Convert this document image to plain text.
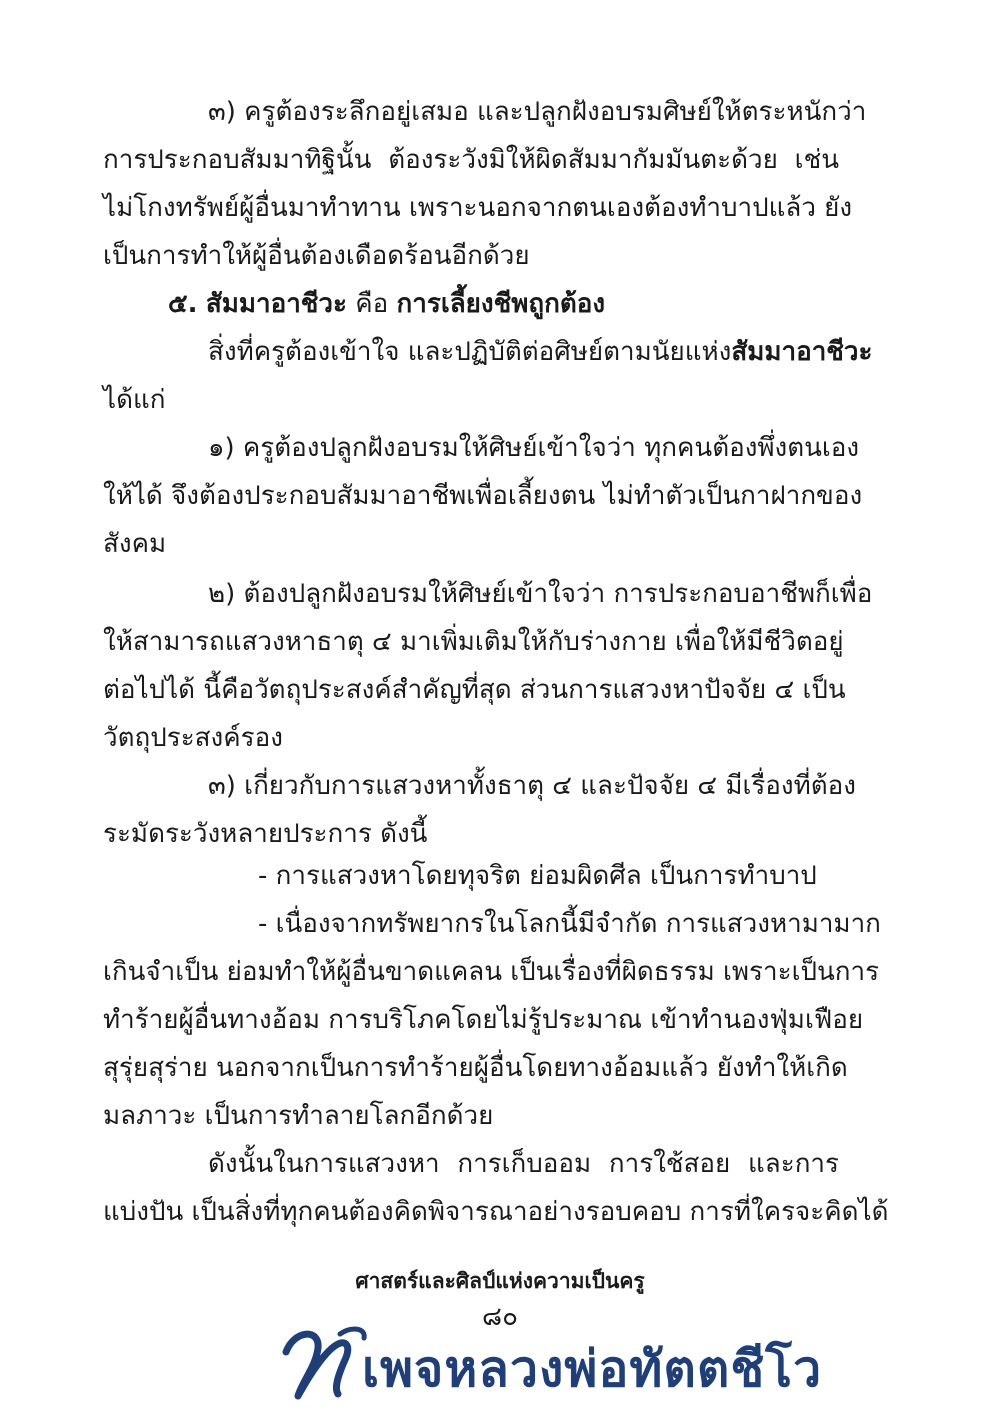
๓) ครูต้องระลึกอยู่เสมอ และปลูกฝังอบรมศิษย์ให้ตระหนักว่า
การประกอบสัมมาทิฐินั้น ต้องระวังมิให้ผิดสัมมากัมมันตะด้วย เช่น
ไม่โกงทรัพย์ผู้อื่นมาทำทาน เพราะนอกจากตนเองต้องทำบาปแล้ว ยัง
เป็นการทำให้ผู้อื่นต้องเดือดร้อนอีกด้วย
๕. สัมมาอาชีวะ คือ การเลี้ยงชีพถูกต้อง
สิ่งที่ครูต้องเข้าใจ และปฏิบัติต่อศิษย์ตามนัยแห่งสัมมาอาชีวะ
ได้แก่
๑) ครูต้องปลูกฝังอบรมให้ศิษย์เข้าใจว่า ทุกคนต้องพึ่งตนเอง
ให้ได้ จึงต้องประกอบสัมมาอาชีพเพื่อเลี้ยงตน ไม่ทำตัวเป็นกาฝากของ
สังคม
๒) ต้องปลูกฝังอบรมให้ศิษย์เข้าใจว่า การประกอบอาชีพก็เพื่อ
ให้สามารถแสวงหาธาตุ ๔ มาเพิ่มเติมให้กับร่างกาย เพื่อให้มีชีวิตอยู่
ต่อไปได้ นี้คือวัตถุประสงค์สำคัญที่สุด ส่วนการแสวงหาปัจจัย ๔ เป็น
วัตถุประสงค์รอง
๓) เกี่ยวกับการแสวงหาทั้งธาตุ ๔ และปัจจัย ๔ มีเรื่องที่ต้อง
ระมัดระวังหลายประการ ดังนี้
- การแสวงหาโดยทุจริต ย่อมผิดศีล เป็นการทำบาป
- เนื่องจากทรัพยากรในโลกนี้มีจำกัด การแสวงหามามาก
เกินจำเป็น ย่อมทำให้ผู้อื่นขาดแคลน เป็นเรื่องที่ผิดธรรม เพราะเป็นการ
ทำร้ายผู้อื่นทางอ้อม การบริโภคโดยไม่รู้ประมาณ เข้าทำนองฟุ่มเฟือย
สุรุ่ยสุร่าย นอกจากเป็นการทำร้ายผู้อื่นโดยทางอ้อมแล้ว ยังทำให้เกิด
มลภาวะ เป็นการทำลายโลกอีกด้วย
ดังนั้นในการแสวงหา การเก็บออม การใช้สอย และการ
แบ่งปัน เป็นสิ่งที่ทุกคนต้องคิดพิจารณาอย่างรอบคอบ การที่ใครจะคิดได้
ศาสตร์และศิลป์แห่งความเป็นครู
๘๐
เพจหลวงพ่อทัตตชีโว
